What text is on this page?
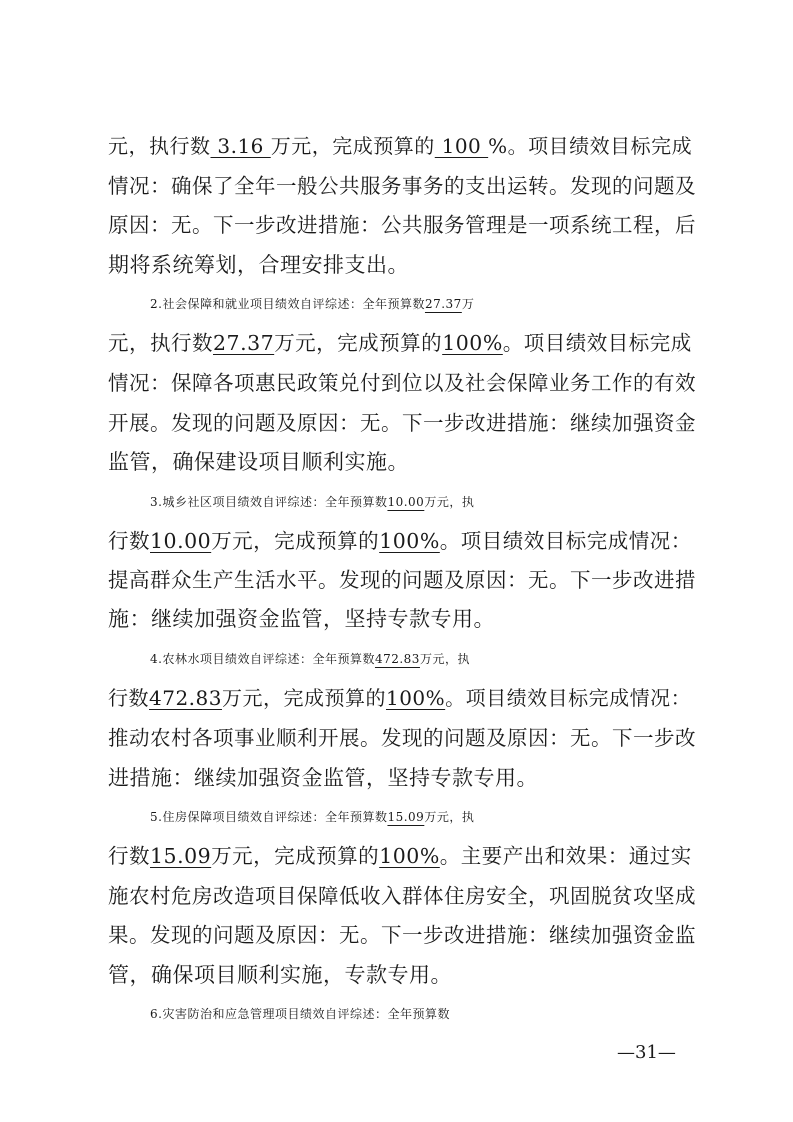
元，执行数 3.16 万元，完成预算的 100 %。项目绩效目标完成
情况：确保了全年一般公共服务事务的支出运转。发现的问题及
原因：无。下一步改进措施：公共服务管理是一项系统工程，后
期将系统筹划，合理安排支出。
2.社会保障和就业项目绩效自评综述：全年预算数27.37万
元，执行数27.37万元，完成预算的100%。项目绩效目标完成
情况：保障各项惠民政策兑付到位以及社会保障业务工作的有效
开展。发现的问题及原因：无。下一步改进措施：继续加强资金
监管，确保建设项目顺利实施。
3.城乡社区项目绩效自评综述：全年预算数10.00万元，执
行数10.00万元，完成预算的100%。项目绩效目标完成情况：
提高群众生产生活水平。发现的问题及原因：无。下一步改进措
施：继续加强资金监管，坚持专款专用。
4.农林水项目绩效自评综述：全年预算数472.83万元，执
行数472.83万元，完成预算的100%。项目绩效目标完成情况：
推动农村各项事业顺利开展。发现的问题及原因：无。下一步改
进措施：继续加强资金监管，坚持专款专用。
5.住房保障项目绩效自评综述：全年预算数15.09万元，执
行数15.09万元，完成预算的100%。主要产出和效果：通过实
施农村危房改造项目保障低收入群体住房安全，巩固脱贫攻坚成
果。发现的问题及原因：无。下一步改进措施：继续加强资金监
管，确保项目顺利实施，专款专用。
6.灾害防治和应急管理项目绩效自评综述：全年预算数
—31—
